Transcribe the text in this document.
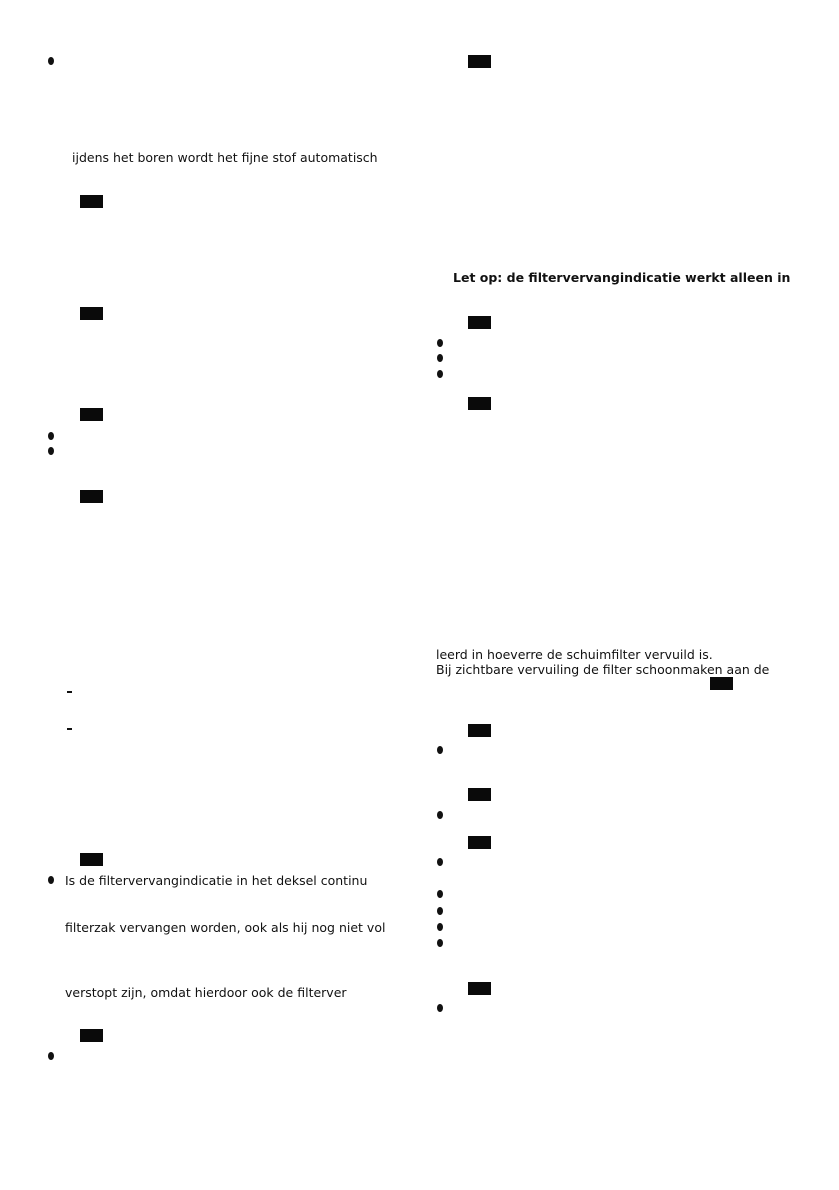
ijdens het boren wordt het fijne stof automatisch
Is de filtervervangindicatie in het deksel continu
filterzak vervangen worden, ook als hij nog niet vol
verstopt zijn, omdat hierdoor ook de filterver
Let op: de filtervervangindicatie werkt alleen in
leerd in hoeverre de schuimfilter vervuild is.
Bij zichtbare vervuiling de filter schoonmaken aan de
